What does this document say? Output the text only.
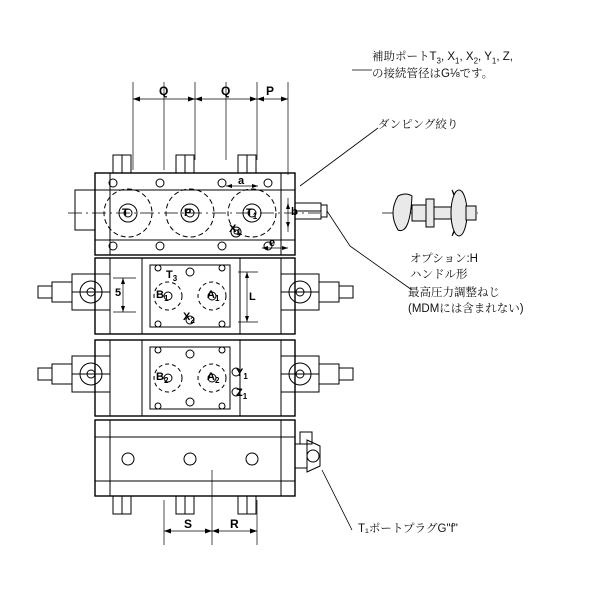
補助ポート$T_3$, $X_1$, $X_2$, $Y_1$, Z,
の接続管径はG⅛です。
ダンピング絞り
オプション:H
ハンドル形
最高圧力調整ねじ
(MDMには含まれない)
T₁ポートプラグG"f"
Q	Q	P
S	R
a
b
e
5	L
T	P	$T_1$
$X_1$
$T_3$
$B_1$	$A_1$
$X_2$
$B_2$	$A_2$
$Y_1$
$Z_1$
